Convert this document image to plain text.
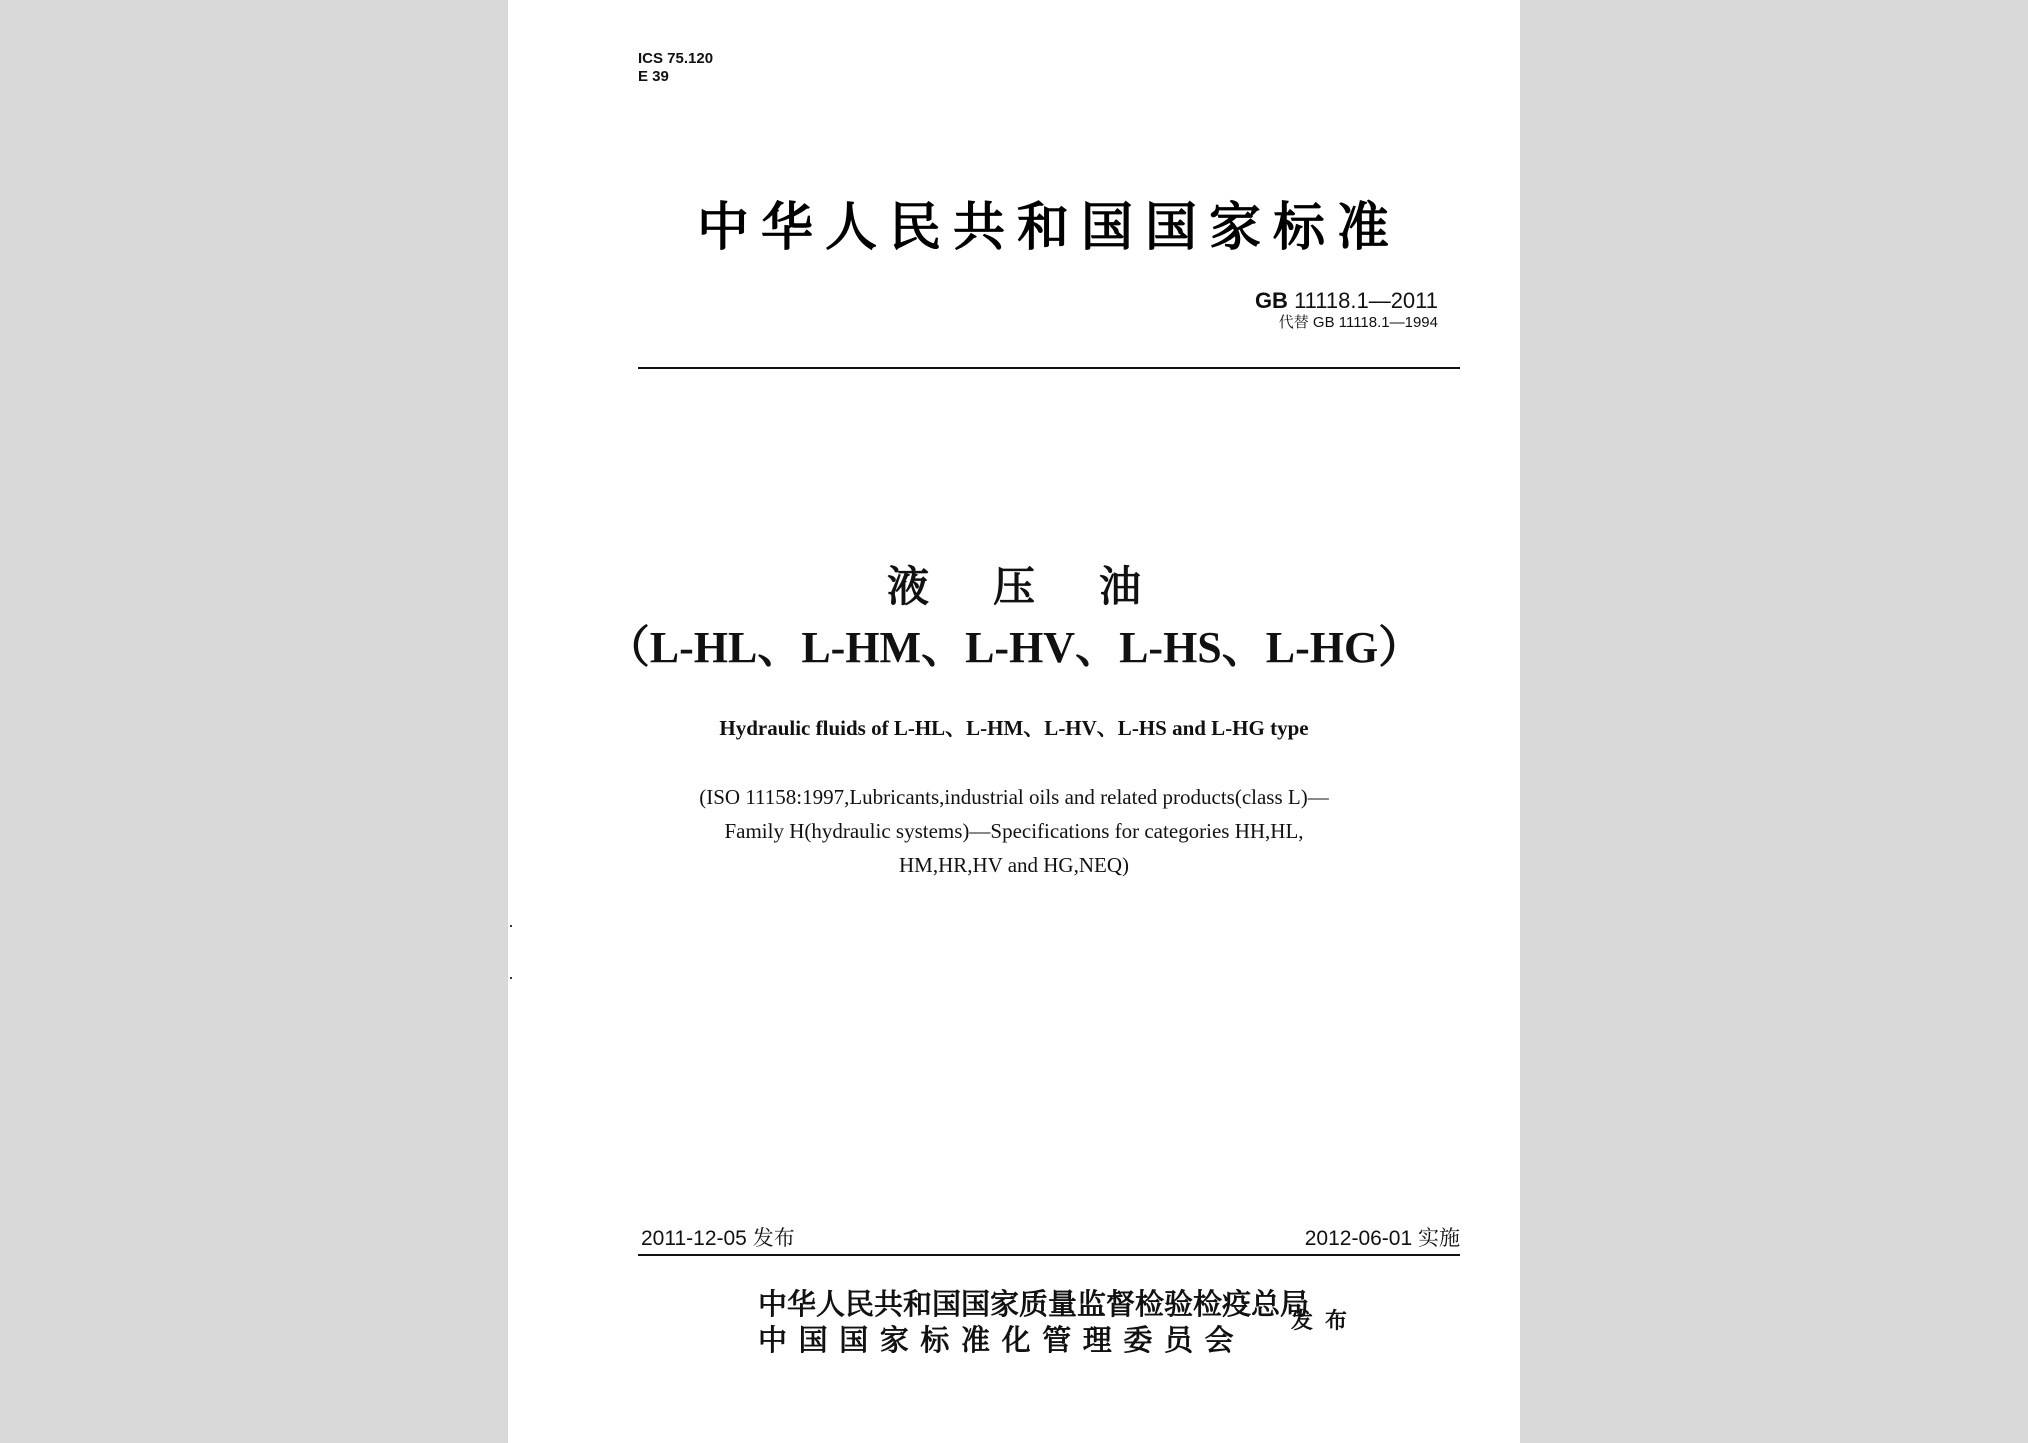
ICS 75.120
E 39
中华人民共和国国家标准
GB 11118.1—2011
代替 GB 11118.1—1994
液压油
（L-HL、L-HM、L-HV、L-HS、L-HG）
Hydraulic fluids of L-HL、L-HM、L-HV、L-HS and L-HG type
(ISO 11158:1997,Lubricants,industrial oils and related products(class L)—
Family H(hydraulic systems)—Specifications for categories HH,HL,
HM,HR,HV and HG,NEQ)
2011-12-05 发布	2012-06-01 实施
中华人民共和国国家质量监督检验检疫总局
中国国家标准化管理委员会
发布
